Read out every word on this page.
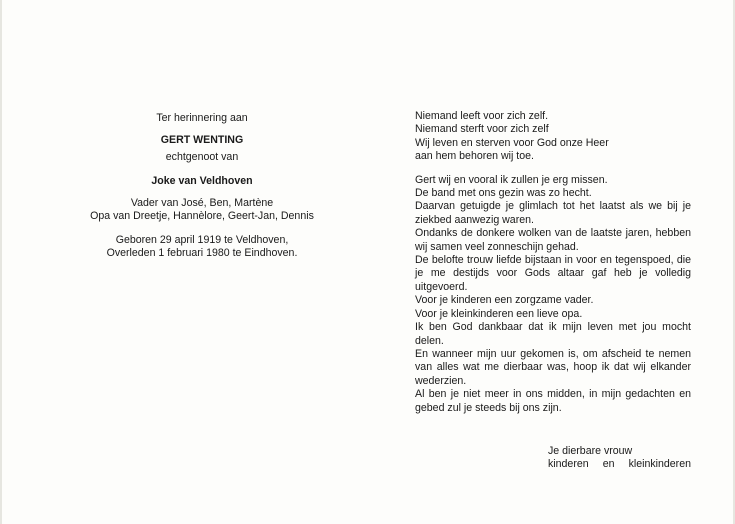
Ter herinnering aan

GERT WENTING

echtgenoot van

Joke van Veldhoven

Vader van José, Ben, Martène

Opa van Dreetje, Hannèlore, Geert-Jan, Dennis

Geboren 29 april 1919 te Veldhoven,

Overleden 1 februari 1980 te Eindhoven.

Niemand leeft voor zich zelf.
Niemand sterft voor zich zelf
Wij leven en sterven voor God onze Heer
aan hem behoren wij toe.
Gert wij en vooral ik zullen je erg missen.
De band met ons gezin was zo hecht.
Daarvan getuigde je glimlach tot het laatst als we bij je ziekbed aanwezig waren.
Ondanks de donkere wolken van de laatste jaren, hebben wij samen veel zonneschijn gehad.
De belofte trouw liefde bijstaan in voor en tegenspoed, die je me destijds voor Gods altaar gaf heb je volledig uitgevoerd.
Voor je kinderen een zorgzame vader.
Voor je kleinkinderen een lieve opa.
Ik ben God dankbaar dat ik mijn leven met jou mocht delen.
En wanneer mijn uur gekomen is, om afscheid te nemen van alles wat me dierbaar was, hoop ik dat wij elkander wederzien.
Al ben je niet meer in ons midden, in mijn gedachten en gebed zul je steeds bij ons zijn.
Je dierbare vrouw
kinderen en kleinkinderen
